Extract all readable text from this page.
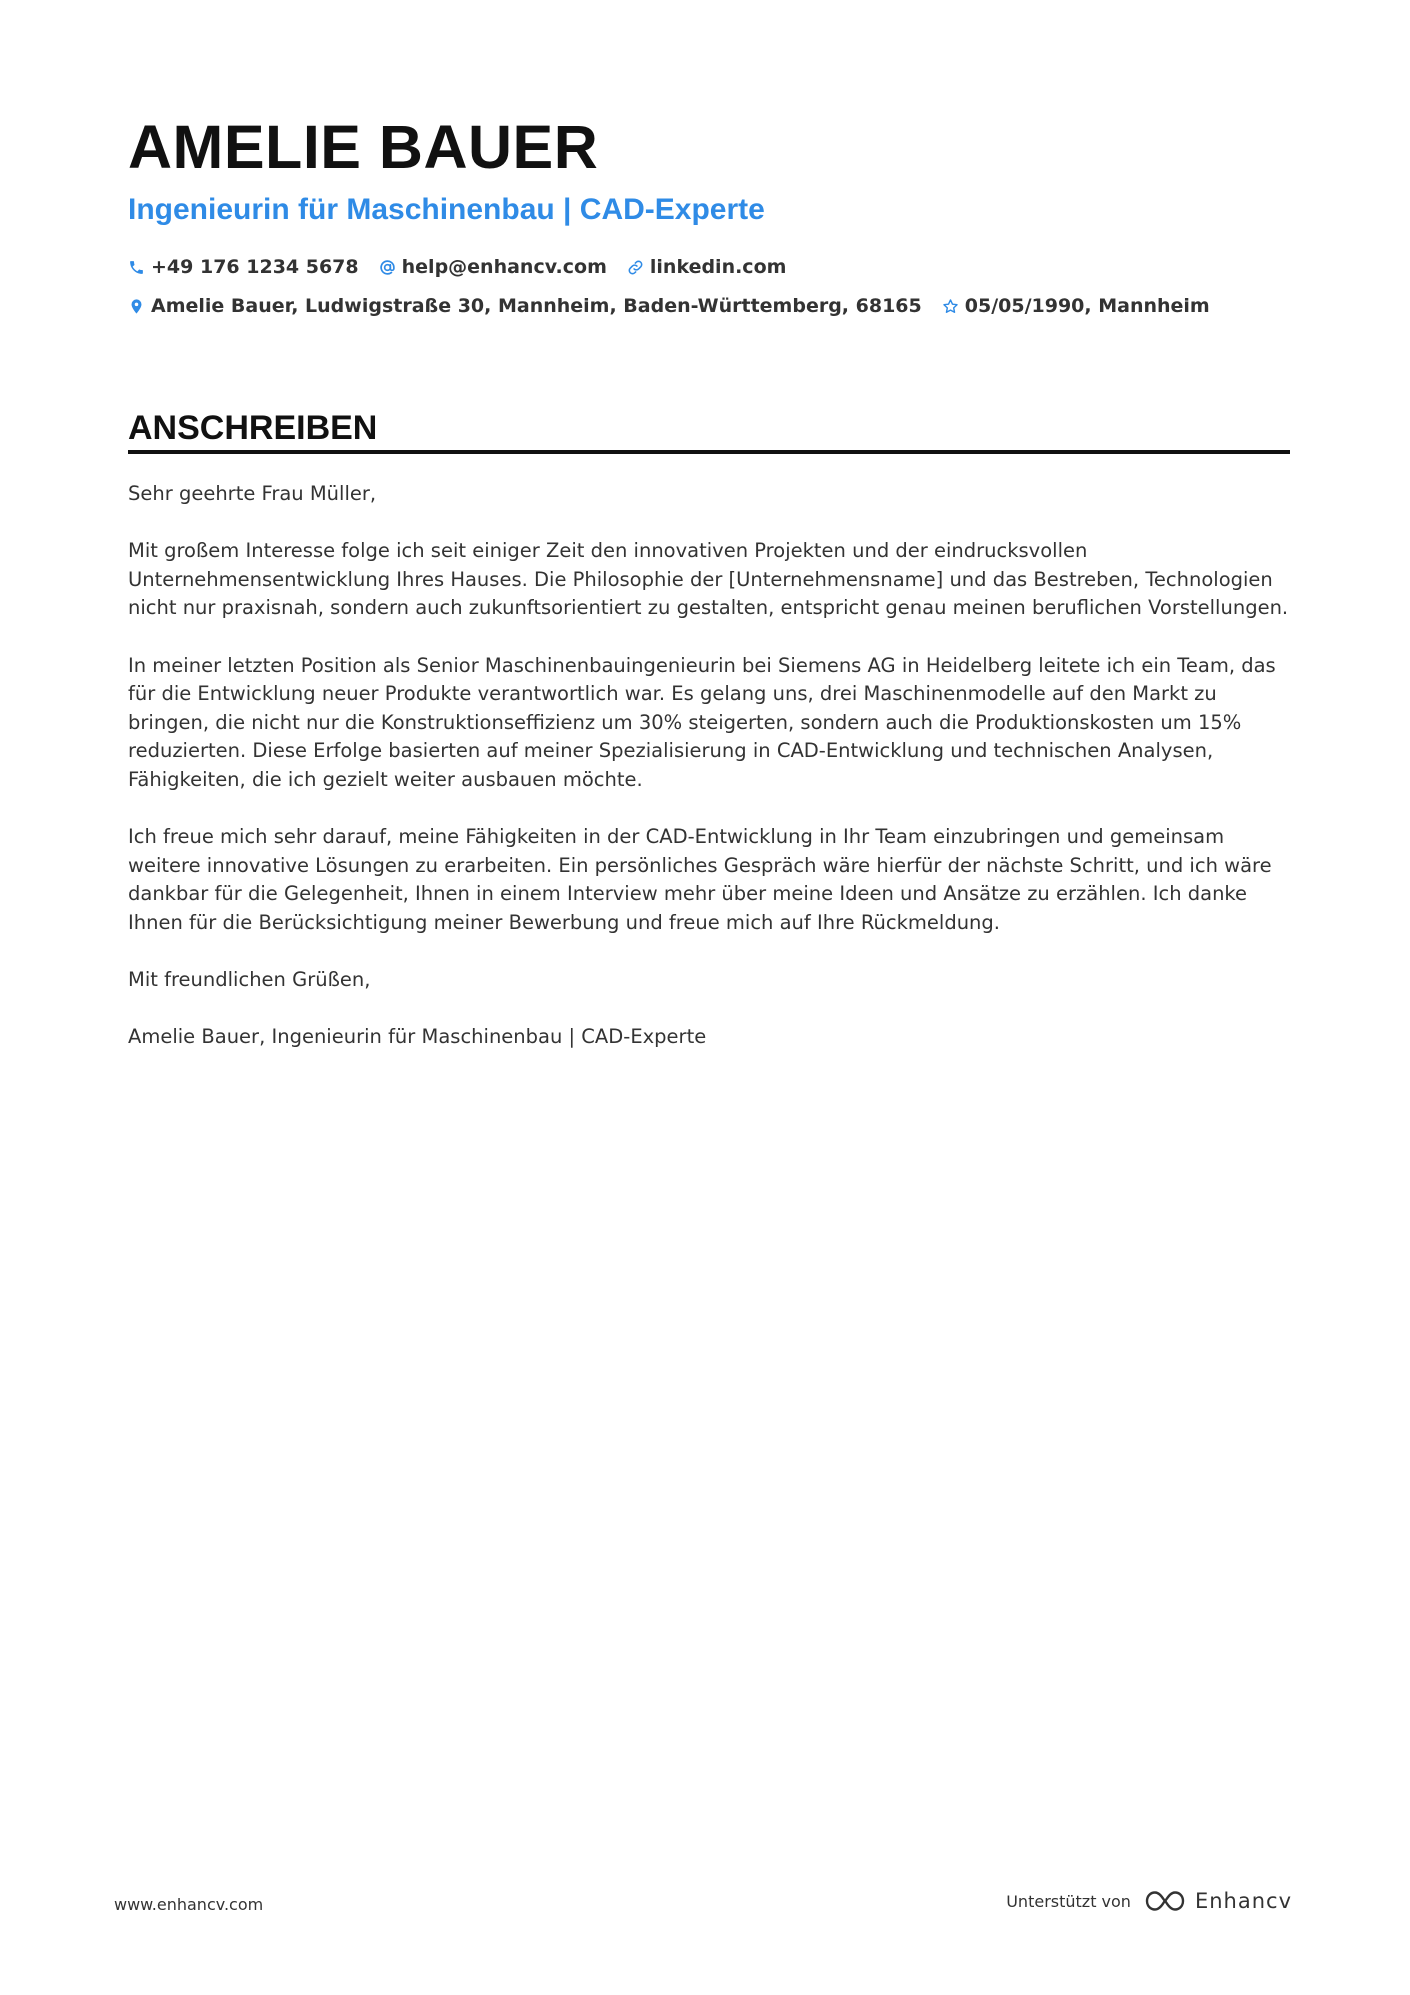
AMELIE BAUER
Ingenieurin für Maschinenbau | CAD-Experte
+49 176 1234 5678 help@enhancv.com linkedin.com
Amelie Bauer, Ludwigstraße 30, Mannheim, Baden-Württemberg, 68165 05/05/1990, Mannheim
ANSCHREIBEN

Sehr geehrte Frau Müller,

Mit großem Interesse folge ich seit einiger Zeit den innovativen Projekten und der eindrucksvollen Unternehmensentwicklung Ihres Hauses. Die Philosophie der [Unternehmensname] und das Bestreben, Technologien nicht nur praxisnah, sondern auch zukunftsorientiert zu gestalten, entspricht genau meinen beruflichen Vorstellungen.

In meiner letzten Position als Senior Maschinenbauingenieurin bei Siemens AG in Heidelberg leitete ich ein Team, das für die Entwicklung neuer Produkte verantwortlich war. Es gelang uns, drei Maschinenmodelle auf den Markt zu bringen, die nicht nur die Konstruktionseffizienz um 30% steigerten, sondern auch die Produktionskosten um 15% reduzierten. Diese Erfolge basierten auf meiner Spezialisierung in CAD-Entwicklung und technischen Analysen, Fähigkeiten, die ich gezielt weiter ausbauen möchte.

Ich freue mich sehr darauf, meine Fähigkeiten in der CAD-Entwicklung in Ihr Team einzubringen und gemeinsam weitere innovative Lösungen zu erarbeiten. Ein persönliches Gespräch wäre hierfür der nächste Schritt, und ich wäre dankbar für die Gelegenheit, Ihnen in einem Interview mehr über meine Ideen und Ansätze zu erzählen. Ich danke Ihnen für die Berücksichtigung meiner Bewerbung und freue mich auf Ihre Rückmeldung.

Mit freundlichen Grüßen,

Amelie Bauer, Ingenieurin für Maschinenbau | CAD-Experte

www.enhancv.com	Unterstützt von	Enhancv
